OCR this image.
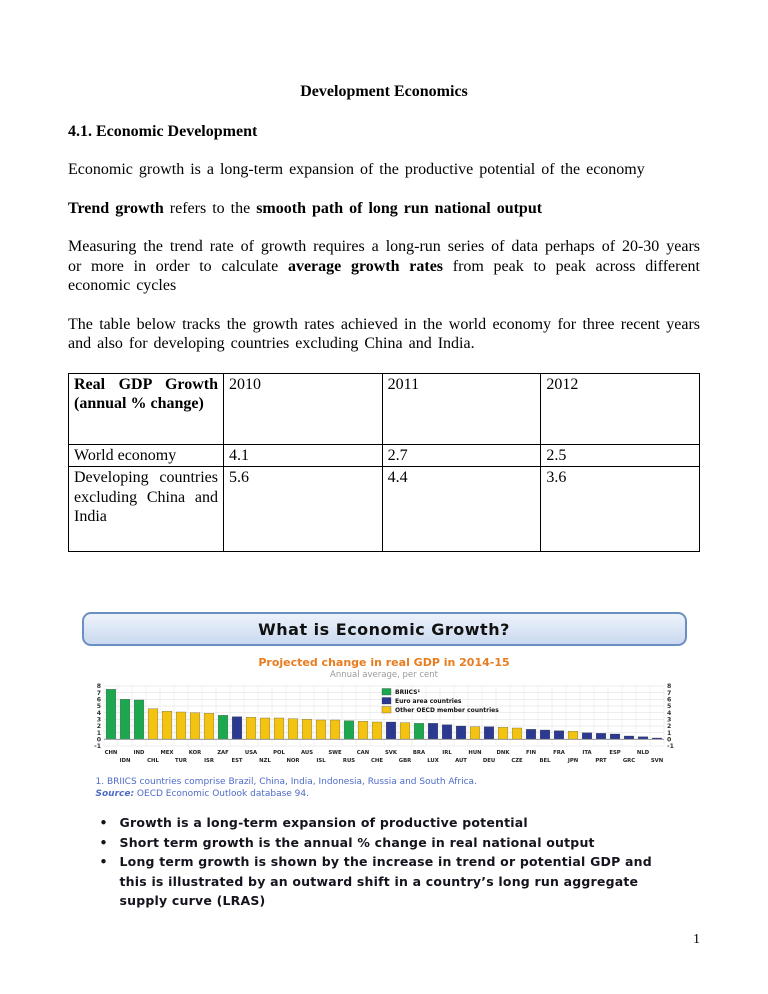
Development Economics
4.1. Economic Development

Economic growth is a long-term expansion of the productive potential of the economy

Trend growth refers to the smooth path of long run national output

Measuring the trend rate of growth requires a long-run series of data perhaps of 20-30 years or more in order to calculate average growth rates from peak to peak across different economic cycles

The table below tracks the growth rates achieved in the world economy for three recent years and also for developing countries excluding China and India.

Real GDP Growth (annual % change)	2010	2011	2012
World economy	4.1	2.7	2.5
Developing countries excluding China and India	5.6	4.4	3.6
What is Economic Growth?
Projected change in real GDP in 2014-15
Annual average, per cent
8	8
7	7
6	6
5	5
4	4
3	3
2	2
1	1
0	0
-1	-1
CHN
IDN
IND
CHL
MEX
TUR
KOR
ISR
ZAF
EST
USA
NZL
POL
NOR
AUS
ISL
SWE
RUS
CAN
CHE
SVK
GBR
BRA
LUX
IRL
AUT
HUN
DEU
DNK
CZE
FIN
BEL
FRA
JPN
ITA
PRT
ESP
GRC
NLD
SVN
BRIICS¹
Euro area countries
Other OECD member countries
1. BRIICS countries comprise Brazil, China, India, Indonesia, Russia and South Africa.
Source: OECD Economic Outlook database 94.
• Growth is a long-term expansion of productive potential
• Short term growth is the annual % change in real national output
• Long term growth is shown by the increase in trend or potential GDP and this is illustrated by an outward shift in a country’s long run aggregate supply curve (LRAS)
1
